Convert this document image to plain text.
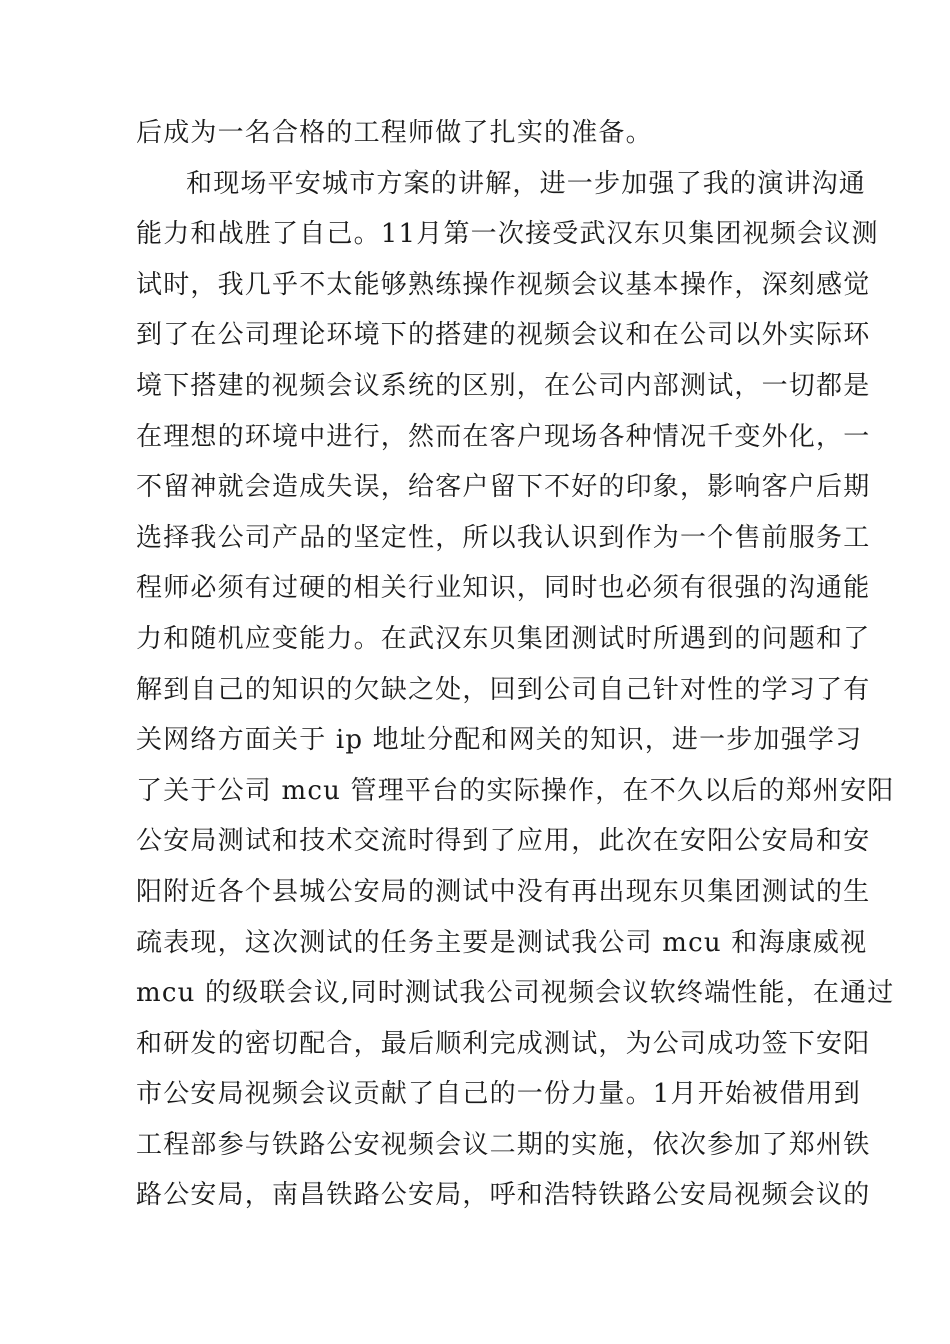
后成为一名合格的工程师做了扎实的准备。
和现场平安城市方案的讲解，进一步加强了我的演讲沟通
能力和战胜了自己。11月第一次接受武汉东贝集团视频会议测
试时，我几乎不太能够熟练操作视频会议基本操作，深刻感觉
到了在公司理论环境下的搭建的视频会议和在公司以外实际环
境下搭建的视频会议系统的区别，在公司内部测试，一切都是
在理想的环境中进行，然而在客户现场各种情况千变外化，一
不留神就会造成失误，给客户留下不好的印象，影响客户后期
选择我公司产品的坚定性，所以我认识到作为一个售前服务工
程师必须有过硬的相关行业知识，同时也必须有很强的沟通能
力和随机应变能力。在武汉东贝集团测试时所遇到的问题和了
解到自己的知识的欠缺之处，回到公司自己针对性的学习了有
关网络方面关于 ip 地址分配和网关的知识，进一步加强学习
了关于公司 mcu 管理平台的实际操作，在不久以后的郑州安阳
公安局测试和技术交流时得到了应用，此次在安阳公安局和安
阳附近各个县城公安局的测试中没有再出现东贝集团测试的生
疏表现，这次测试的任务主要是测试我公司 mcu 和海康威视
mcu 的级联会议,同时测试我公司视频会议软终端性能，在通过
和研发的密切配合，最后顺利完成测试，为公司成功签下安阳
市公安局视频会议贡献了自己的一份力量。1月开始被借用到
工程部参与铁路公安视频会议二期的实施，依次参加了郑州铁
路公安局，南昌铁路公安局，呼和浩特铁路公安局视频会议的
